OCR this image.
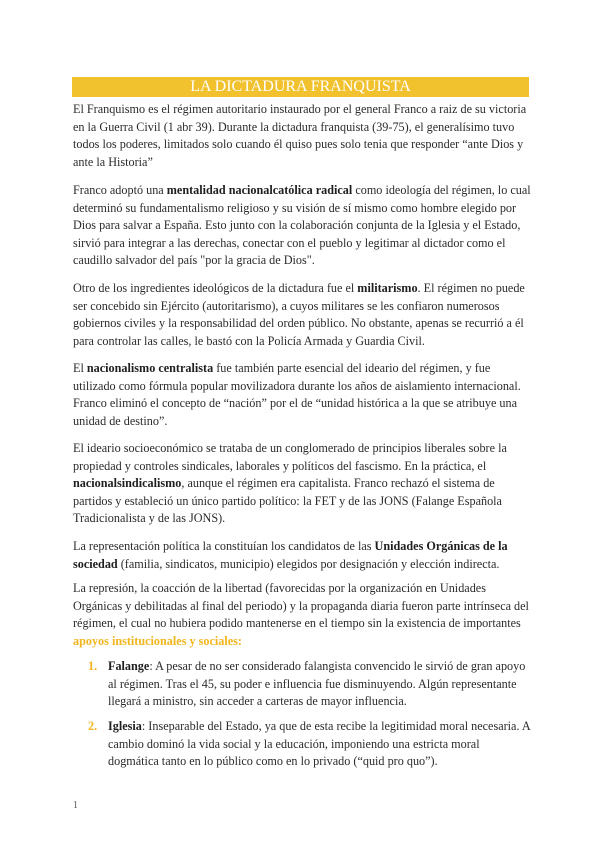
LA DICTADURA FRANQUISTA

El Franquismo es el régimen autoritario instaurado por el general Franco a raiz de su victoria en la Guerra Civil (1 abr 39). Durante la dictadura franquista (39-75), el generalísimo tuvo todos los poderes, limitados solo cuando él quiso pues solo tenia que responder “ante Dios y ante la Historia”

Franco adoptó una mentalidad nacionalcatólica radical como ideología del régimen, lo cual determinó su fundamentalismo religioso y su visión de sí mismo como hombre elegido por Dios para salvar a España. Esto junto con la colaboración conjunta de la Iglesia y el Estado, sirvió para integrar a las derechas, conectar con el pueblo y legitimar al dictador como el caudillo salvador del país "por la gracia de Dios".

Otro de los ingredientes ideológicos de la dictadura fue el militarismo. El régimen no puede ser concebido sin Ejército (autoritarismo), a cuyos militares se les confiaron numerosos gobiernos civiles y la responsabilidad del orden público. No obstante, apenas se recurrió a él para controlar las calles, le bastó con la Policía Armada y Guardia Civil.

El nacionalismo centralista fue también parte esencial del ideario del régimen, y fue utilizado como fórmula popular movilizadora durante los años de aislamiento internacional. Franco eliminó el concepto de “nación” por el de “unidad histórica a la que se atribuye una unidad de destino”.

El ideario socioeconómico se trataba de un conglomerado de principios liberales sobre la propiedad y controles sindicales, laborales y políticos del fascismo. En la práctica, el nacionalsindicalismo, aunque el régimen era capitalista. Franco rechazó el sistema de partidos y estableció un único partido político: la FET y de las JONS (Falange Española Tradicionalista y de las JONS).

La representación política la constituían los candidatos de las Unidades Orgánicas de la sociedad (familia, sindicatos, municipio) elegidos por designación y elección indirecta.

La represión, la coacción de la libertad (favorecidas por la organización en Unidades Orgánicas y debilitadas al final del periodo) y la propaganda diaria fueron parte intrínseca del régimen, el cual no hubiera podido mantenerse en el tiempo sin la existencia de importantes apoyos institucionales y sociales:

1. Falange: A pesar de no ser considerado falangista convencido le sirvió de gran apoyo al régimen. Tras el 45, su poder e influencia fue disminuyendo. Algún representante llegará a ministro, sin acceder a carteras de mayor influencia.
2. Iglesia: Inseparable del Estado, ya que de esta recibe la legitimidad moral necesaria. A cambio dominó la vida social y la educación, imponiendo una estricta moral dogmática tanto en lo público como en lo privado (“quid pro quo”).
1
